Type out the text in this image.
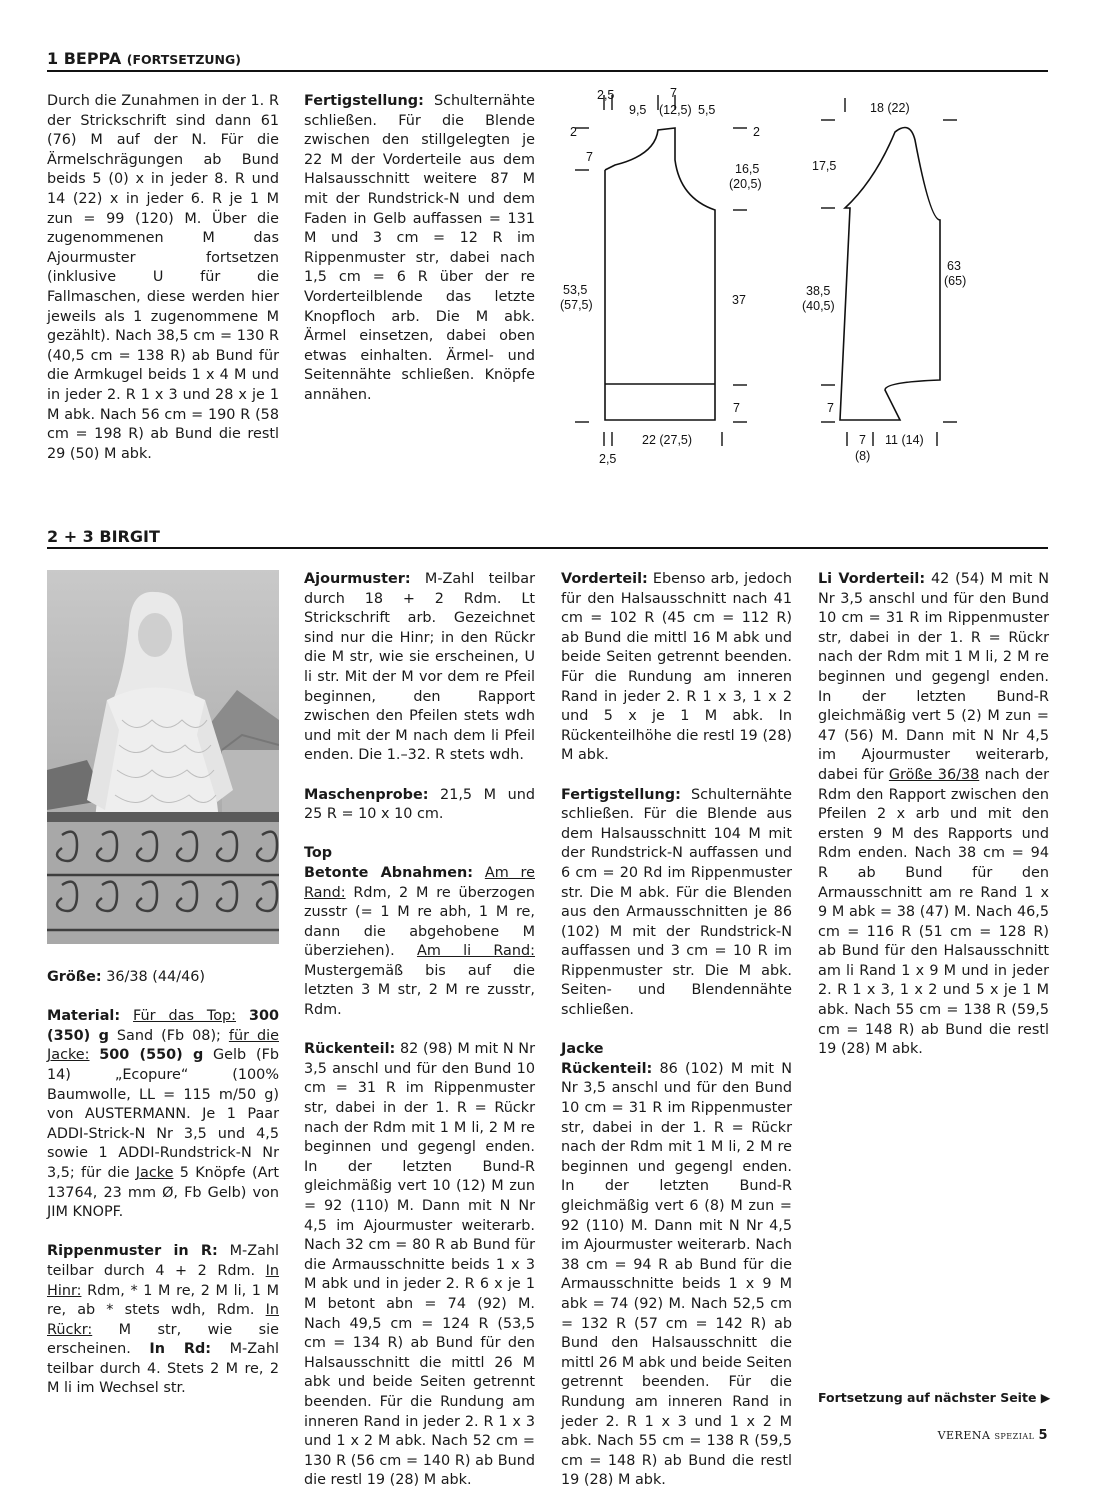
1 BEPPA (FORTSETZUNG)

Durch die Zunahmen in der 1. R der Strickschrift sind dann 61 (76) M auf der N. Für die Ärmelschrägungen ab Bund beids 5 (0) x in jeder 8. R und 14 (22) x in jeder 6. R je 1 M zun = 99 (120) M. Über die zugenommenen M das Ajourmuster fortsetzen (inklusive U für die Fallmaschen, diese werden hier jeweils als 1 zugenommene M gezählt). Nach 38,5 cm = 130 R (40,5 cm = 138 R) ab Bund für die Armkugel beids 1 x 4 M und in jeder 2. R 1 x 3 und 28 x je 1 M abk. Nach 56 cm = 190 R (58 cm = 198 R) ab Bund die restl 29 (50) M abk.

Fertigstellung: Schulternähte schließen. Für die Blende zwischen den stillgelegten je 22 M der Vorderteile aus dem Halsausschnitt weitere 87 M mit der Rundstrick-N und dem Faden in Gelb auffassen = 131 M und 3 cm = 12 R im Rippenmuster str, dabei nach 1,5 cm = 6 R über der re Vorderteilblende das letzte Knopfloch arb. Die M abk. Ärmel einsetzen, dabei oben etwas einhalten. Ärmel- und Seitennähte schließen. Knöpfe annähen.

2,5	7
9,5 (12,5) 5,5
2	2
7
16,5
(20,5)
53,5
(57,5)	37
7
22 (27,5)
2,5
18 (22)
17,5
38,5
(40,5)
63
(65)
7
7
(8)
11 (14)
2 + 3 BIRGIT

Größe: 36/38 (44/46)

Material: Für das Top: 300 (350) g Sand (Fb 08); für die Jacke: 500 (550) g Gelb (Fb 14) „Ecopure“ (100% Baumwolle, LL = 115 m/50 g) von AUSTERMANN. Je 1 Paar ADDI-Strick-N Nr 3,5 und 4,5 sowie 1 ADDI-Rundstrick-N Nr 3,5; für die Jacke 5 Knöpfe (Art 13764, 23 mm Ø, Fb Gelb) von JIM KNOPF.

Rippenmuster in R: M-Zahl teilbar durch 4 + 2 Rdm. In Hinr: Rdm, * 1 M re, 2 M li, 1 M re, ab * stets wdh, Rdm. In Rückr: M str, wie sie erscheinen. In Rd: M-Zahl teilbar durch 4. Stets 2 M re, 2 M li im Wechsel str.

Ajourmuster: M-Zahl teilbar durch 18 + 2 Rdm. Lt Strickschrift arb. Gezeichnet sind nur die Hinr; in den Rückr die M str, wie sie erscheinen, U li str. Mit der M vor dem re Pfeil beginnen, den Rapport zwischen den Pfeilen stets wdh und mit der M nach dem li Pfeil enden. Die 1.–32. R stets wdh.

Maschenprobe: 21,5 M und 25 R = 10 x 10 cm.

Top

Betonte Abnahmen: Am re Rand: Rdm, 2 M re überzogen zusstr (= 1 M re abh, 1 M re, dann die abgehobene M überziehen). Am li Rand: Mustergemäß bis auf die letzten 3 M str, 2 M re zusstr, Rdm.

Rückenteil: 82 (98) M mit N Nr 3,5 anschl und für den Bund 10 cm = 31 R im Rippenmuster str, dabei in der 1. R = Rückr nach der Rdm mit 1 M li, 2 M re beginnen und gegengl enden. In der letzten Bund-R gleichmäßig vert 10 (12) M zun = 92 (110) M. Dann mit N Nr 4,5 im Ajourmuster weiterarb. Nach 32 cm = 80 R ab Bund für die Armausschnitte beids 1 x 3 M abk und in jeder 2. R 6 x je 1 M betont abn = 74 (92) M. Nach 49,5 cm = 124 R (53,5 cm = 134 R) ab Bund für den Halsausschnitt die mittl 26 M abk und beide Seiten getrennt beenden. Für die Rundung am inneren Rand in jeder 2. R 1 x 3 und 1 x 2 M abk. Nach 52 cm = 130 R (56 cm = 140 R) ab Bund die restl 19 (28) M abk.

Vorderteil: Ebenso arb, jedoch für den Halsausschnitt nach 41 cm = 102 R (45 cm = 112 R) ab Bund die mittl 16 M abk und beide Seiten getrennt beenden. Für die Rundung am inneren Rand in jeder 2. R 1 x 3, 1 x 2 und 5 x je 1 M abk. In Rückenteilhöhe die restl 19 (28) M abk.

Fertigstellung: Schulternähte schließen. Für die Blende aus dem Halsausschnitt 104 M mit der Rundstrick-N auffassen und 6 cm = 20 Rd im Rippenmuster str. Die M abk. Für die Blenden aus den Armausschnitten je 86 (102) M mit der Rundstrick-N auffassen und 3 cm = 10 R im Rippenmuster str. Die M abk. Seiten- und Blendennähte schließen.

Jacke

Rückenteil: 86 (102) M mit N Nr 3,5 anschl und für den Bund 10 cm = 31 R im Rippenmuster str, dabei in der 1. R = Rückr nach der Rdm mit 1 M li, 2 M re beginnen und gegengl enden. In der letzten Bund-R gleichmäßig vert 6 (8) M zun = 92 (110) M. Dann mit N Nr 4,5 im Ajourmuster weiterarb. Nach 38 cm = 94 R ab Bund für die Armausschnitte beids 1 x 9 M abk = 74 (92) M. Nach 52,5 cm = 132 R (57 cm = 142 R) ab Bund den Halsausschnitt die mittl 26 M abk und beide Seiten getrennt beenden. Für die Rundung am inneren Rand in jeder 2. R 1 x 3 und 1 x 2 M abk. Nach 55 cm = 138 R (59,5 cm = 148 R) ab Bund die restl 19 (28) M abk.

Li Vorderteil: 42 (54) M mit N Nr 3,5 anschl und für den Bund 10 cm = 31 R im Rippenmuster str, dabei in der 1. R = Rückr nach der Rdm mit 1 M li, 2 M re beginnen und gegengl enden. In der letzten Bund-R gleichmäßig vert 5 (2) M zun = 47 (56) M. Dann mit N Nr 4,5 im Ajourmuster weiterarb, dabei für Größe 36/38 nach der Rdm den Rapport zwischen den Pfeilen 2 x arb und mit den ersten 9 M des Rapports und Rdm enden. Nach 38 cm = 94 R ab Bund für den Armausschnitt am re Rand 1 x 9 M abk = 38 (47) M. Nach 46,5 cm = 116 R (51 cm = 128 R) ab Bund für den Halsausschnitt am li Rand 1 x 9 M und in jeder 2. R 1 x 3, 1 x 2 und 5 x je 1 M abk. Nach 55 cm = 138 R (59,5 cm = 148 R) ab Bund die restl 19 (28) M abk.

Fortsetzung auf nächster Seite ▶
VERENA SPEZIAL 5
